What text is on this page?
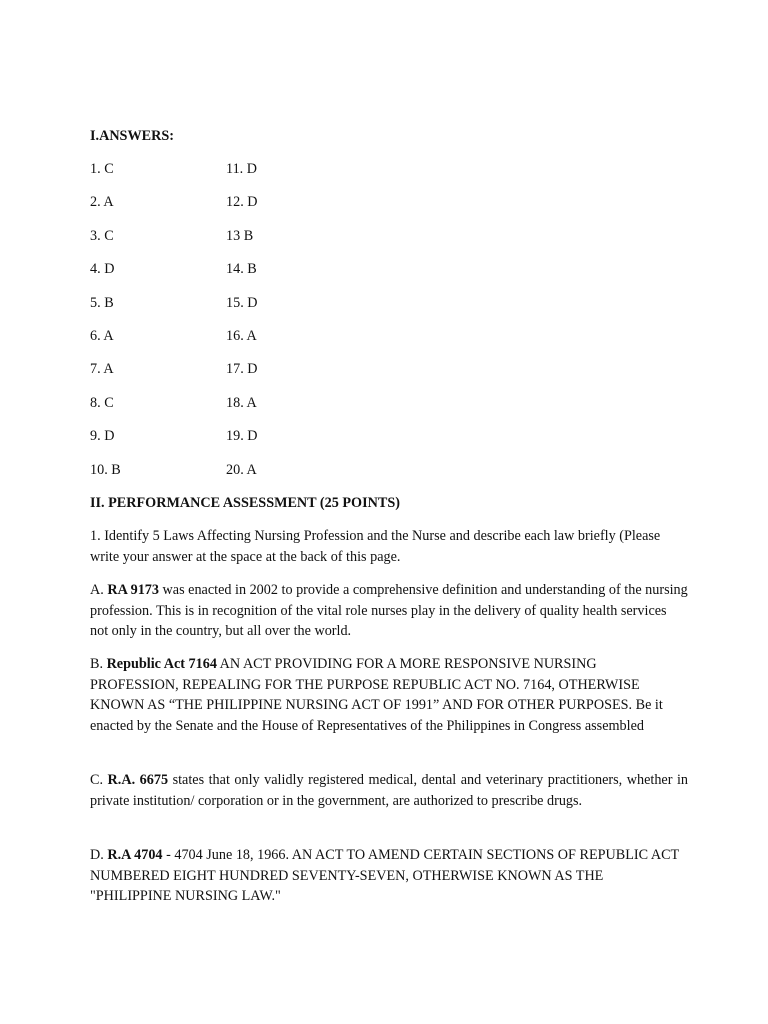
I.ANSWERS:
1. C	11. D
2. A	12. D
3. C	13 B
4. D	14. B
5. B	15. D
6. A	16. A
7. A	17. D
8. C	18. A
9. D	19. D
10. B	20. A
II. PERFORMANCE ASSESSMENT (25 POINTS)

1. Identify 5 Laws Affecting Nursing Profession and the Nurse and describe each law briefly (Please write your answer at the space at the back of this page.

A. RA 9173 was enacted in 2002 to provide a comprehensive definition and understanding of the nursing profession. This is in recognition of the vital role nurses play in the delivery of quality health services not only in the country, but all over the world.

B. Republic Act 7164 AN ACT PROVIDING FOR A MORE RESPONSIVE NURSING PROFESSION, REPEALING FOR THE PURPOSE REPUBLIC ACT NO. 7164, OTHERWISE KNOWN AS “THE PHILIPPINE NURSING ACT OF 1991” AND FOR OTHER PURPOSES. Be it enacted by the Senate and the House of Representatives of the Philippines in Congress assembled

C. R.A. 6675 states that only validly registered medical, dental and veterinary practitioners, whether in private institution/ corporation or in the government, are authorized to prescribe drugs.

D. R.A 4704 - 4704 June 18, 1966. AN ACT TO AMEND CERTAIN SECTIONS OF REPUBLIC ACT NUMBERED EIGHT HUNDRED SEVENTY-SEVEN, OTHERWISE KNOWN AS THE "PHILIPPINE NURSING LAW."
